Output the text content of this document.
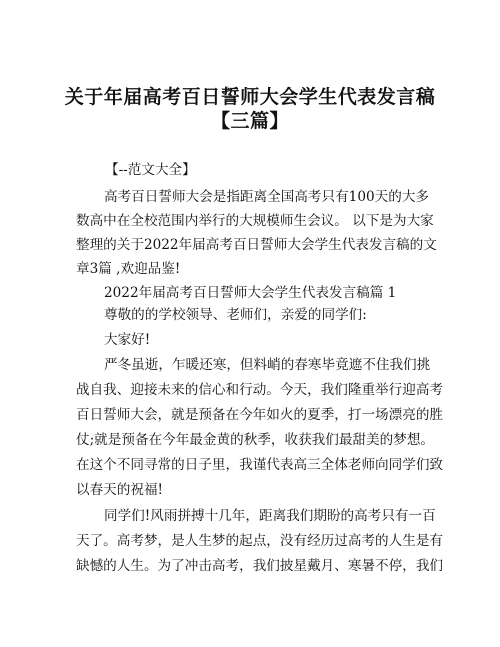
关于年届高考百日誓师大会学生代表发言稿
【三篇】

【--范文大全】

高考百日誓师大会是指距离全国高考只有100天的大多

数高中在全校范围内举行的大规模师生会议。 以下是为大家

整理的关于2022年届高考百日誓师大会学生代表发言稿的文

章3篇 ,欢迎品鉴!

2022年届高考百日誓师大会学生代表发言稿篇 1

尊敬的的学校领导、老师们，亲爱的同学们:

大家好!

严冬虽逝，乍暖还寒，但料峭的春寒毕竟遮不住我们挑

战自我、迎接未来的信心和行动。今天，我们隆重举行迎高考

百日誓师大会，就是预备在今年如火的夏季，打一场漂亮的胜

仗;就是预备在今年最金黄的秋季，收获我们最甜美的梦想。

在这个不同寻常的日子里，我谨代表高三全体老师向同学们致

以春天的祝福!

同学们!风雨拼搏十几年，距离我们期盼的高考只有一百

天了。高考梦，是人生梦的起点，没有经历过高考的人生是有

缺憾的人生。为了冲击高考，我们披星戴月、寒暑不停，我们
